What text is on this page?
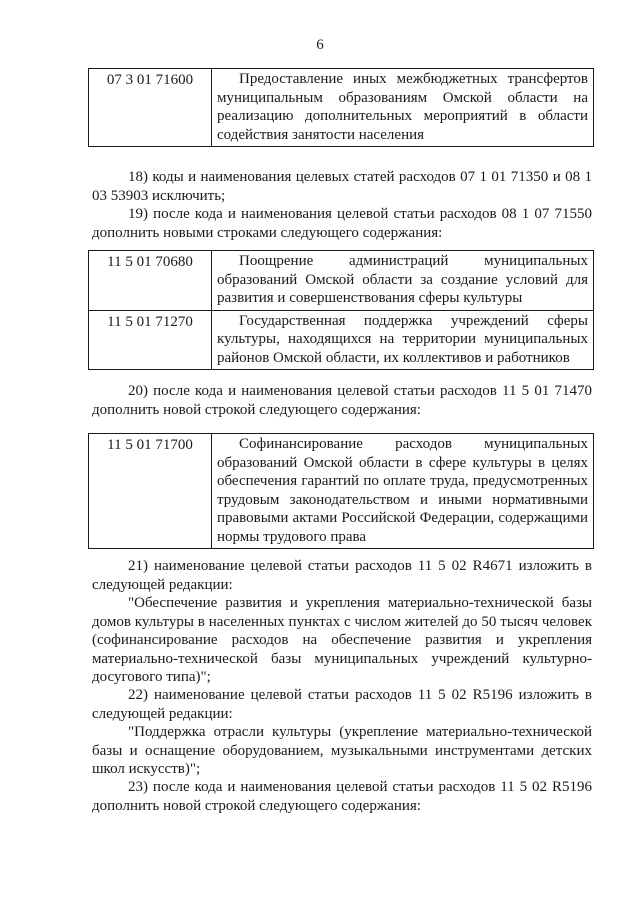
6
07 3 01 71600	Предоставление иных межбюджетных трансфертов муниципальным образованиям Омской области на реализацию дополнительных мероприятий в области содействия занятости населения

18) коды и наименования целевых статей расходов 07 1 01 71350 и 08 1 03 53903 исключить;

19) после кода и наименования целевой статьи расходов 08 1 07 71550 дополнить новыми строками следующего содержания:

11 5 01 70680	Поощрение администраций муниципальных образований Омской области за создание условий для развития и совершенствования сферы культуры
11 5 01 71270	Государственная поддержка учреждений сферы культуры, находящихся на территории муниципальных районов Омской области, их коллективов и работников

20) после кода и наименования целевой статьи расходов 11 5 01 71470 дополнить новой строкой следующего содержания:

11 5 01 71700	Софинансирование расходов муниципальных образований Омской области в сфере культуры в целях обеспечения гарантий по оплате труда, предусмотренных трудовым законодательством и иными нормативными правовыми актами Российской Федерации, содержащими нормы трудового права

21) наименование целевой статьи расходов 11 5 02 R4671 изложить в следующей редакции:

"Обеспечение развития и укрепления материально-технической базы домов культуры в населенных пунктах с числом жителей до 50 тысяч человек (софинансирование расходов на обеспечение развития и укрепления материально-технической базы муниципальных учреждений культурно-досугового типа)";

22) наименование целевой статьи расходов 11 5 02 R5196 изложить в следующей редакции:

"Поддержка отрасли культуры (укрепление материально-технической базы и оснащение оборудованием, музыкальными инструментами детских школ искусств)";

23) после кода и наименования целевой статьи расходов 11 5 02 R5196 дополнить новой строкой следующего содержания:
